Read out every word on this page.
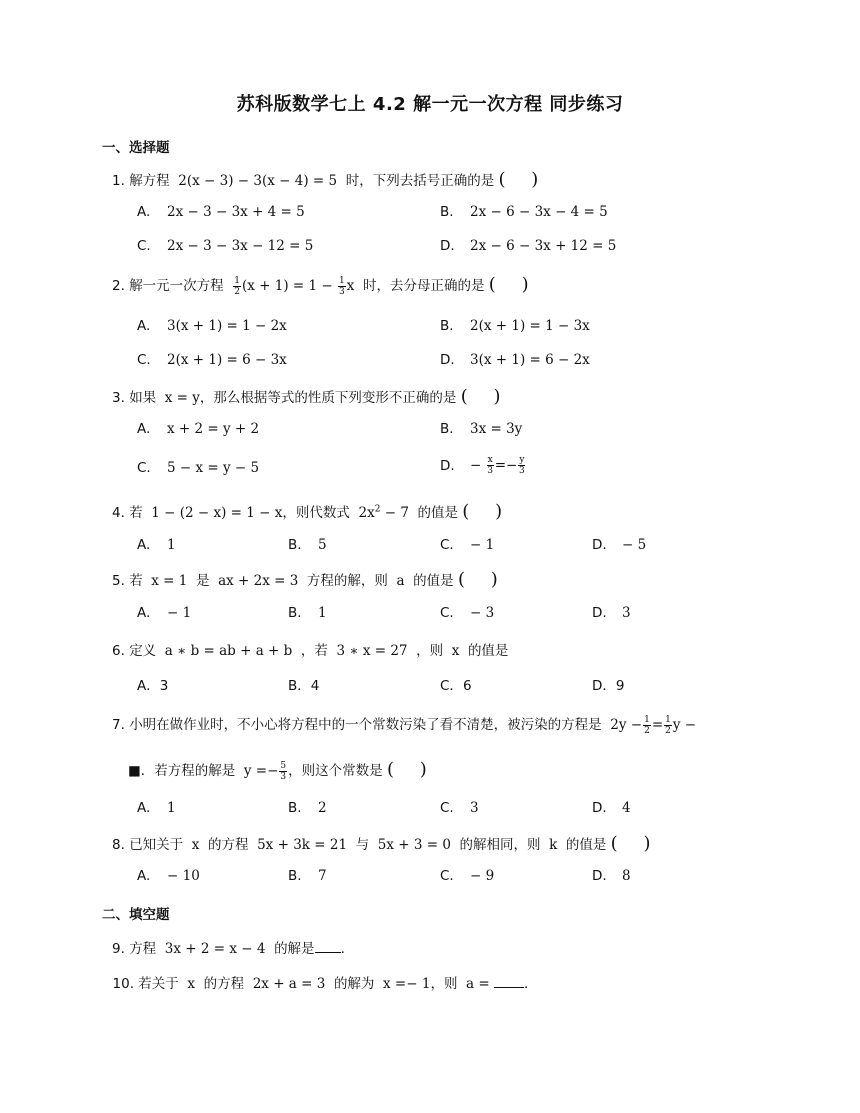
苏科版数学七上 4.2 解一元一次方程 同步练习
一、选择题
1. 解方程 2(x − 3) − 3(x − 4) = 5 时，下列去括号正确的是 ( )
A. 2x − 3 − 3x + 4 = 5	B. 2x − 6 − 3x − 4 = 5
C. 2x − 3 − 3x − 12 = 5	D. 2x − 6 − 3x + 12 = 5
2. 解一元一次方程 $\frac{1}{2} (x + 1) = 1 - \frac{1}{3}$ x 时，去分母正确的是 ( )
A. 3(x + 1) = 1 − 2x	B. 2(x + 1) = 1 − 3x
C. 2(x + 1) = 6 − 3x	D. 3(x + 1) = 6 − 2x
3. 如果 x = y，那么根据等式的性质下列变形不正确的是 ( )
A. x + 2 = y + 2	B. 3x = 3y
C. 5 − x = y − 5	D. − $\frac{x}{3} =- \frac{y}{3}$
4. 若 1 − (2 − x) = 1 − x，则代数式 $2x^2 - 7$ 的值是 ( )
A. 1	B. 5	C. − 1	D. − 5
5. 若 x = 1 是 ax + 2x = 3 方程的解，则 a 的值是 ( )
A. − 1	B. 1	C. − 3	D. 3
6. 定义 a ∗ b = ab + a + b ，若 3 ∗ x = 27 ，则 x 的值是
A．3	B．4	C．6	D．9
7. 小明在做作业时，不小心将方程中的一个常数污染了看不清楚，被污染的方程是 $2y - \frac{1}{2} = \frac{1}{2}$ y −
■．若方程的解是 $y =- \frac{5}{3}$ ，则这个常数是 ( )
A. 1	B. 2	C. 3	D. 4
8. 已知关于 x 的方程 5x + 3k = 21 与 5x + 3 = 0 的解相同，则 k 的值是 ( )
A. − 10	B. 7	C. − 9	D. 8
二、填空题
9. 方程 3x + 2 = x − 4 的解是 .
10. 若关于 x 的方程 2x + a = 3 的解为 x =− 1，则 a =	.
